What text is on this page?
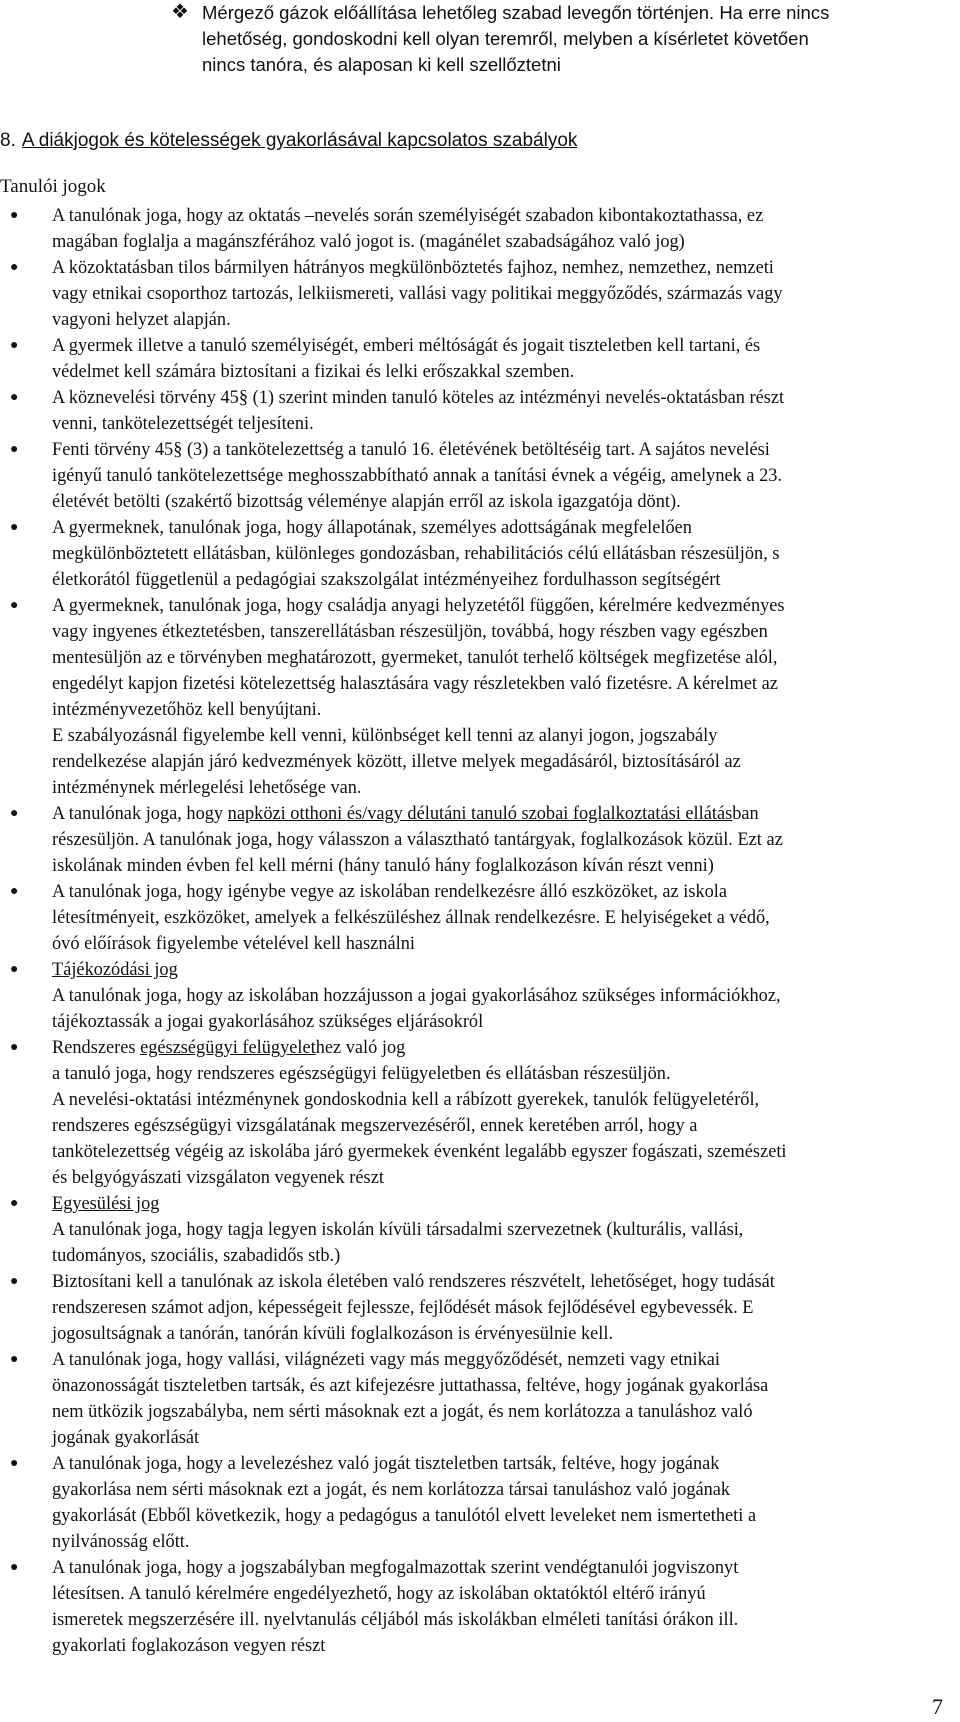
❖ Mérgező gázok előállítása lehetőleg szabad levegőn történjen. Ha erre nincs
lehetőség, gondoskodni kell olyan teremről, melyben a kísérletet követően
nincs tanóra, és alaposan ki kell szellőztetni
8. A diákjogok és kötelességek gyakorlásával kapcsolatos szabályok
Tanulói jogok
●	A tanulónak joga, hogy az oktatás –nevelés során személyiségét szabadon kibontakoztathassa, ez
magában foglalja a magánszférához való jogot is. (magánélet szabadságához való jog)
●	A közoktatásban tilos bármilyen hátrányos megkülönböztetés fajhoz, nemhez, nemzethez, nemzeti
vagy etnikai csoporthoz tartozás, lelkiismereti, vallási vagy politikai meggyőződés, származás vagy
vagyoni helyzet alapján.
●	A gyermek illetve a tanuló személyiségét, emberi méltóságát és jogait tiszteletben kell tartani, és
védelmet kell számára biztosítani a fizikai és lelki erőszakkal szemben.
●	A köznevelési törvény 45§ (1) szerint minden tanuló köteles az intézményi nevelés-oktatásban részt
venni, tankötelezettségét teljesíteni.
●	Fenti törvény 45§ (3) a tankötelezettség a tanuló 16. életévének betöltéséig tart. A sajátos nevelési
igényű tanuló tankötelezettsége meghosszabbítható annak a tanítási évnek a végéig, amelynek a 23.
életévét betölti (szakértő bizottság véleménye alapján erről az iskola igazgatója dönt).
●	A gyermeknek, tanulónak joga, hogy állapotának, személyes adottságának megfelelően
megkülönböztetett ellátásban, különleges gondozásban, rehabilitációs célú ellátásban részesüljön, s
életkorától függetlenül a pedagógiai szakszolgálat intézményeihez fordulhasson segítségért
●	A gyermeknek, tanulónak joga, hogy családja anyagi helyzetétől függően, kérelmére kedvezményes
vagy ingyenes étkeztetésben, tanszerellátásban részesüljön, továbbá, hogy részben vagy egészben
mentesüljön az e törvényben meghatározott, gyermeket, tanulót terhelő költségek megfizetése alól,
engedélyt kapjon fizetési kötelezettség halasztására vagy részletekben való fizetésre. A kérelmet az
intézményvezetőhöz kell benyújtani.
E szabályozásnál figyelembe kell venni, különbséget kell tenni az alanyi jogon, jogszabály
rendelkezése alapján járó kedvezmények között, illetve melyek megadásáról, biztosításáról az
intézménynek mérlegelési lehetősége van.
●	A tanulónak joga, hogy napközi otthoni és/vagy délutáni tanuló szobai foglalkoztatási ellátásban
részesüljön. A tanulónak joga, hogy válasszon a választható tantárgyak, foglalkozások közül. Ezt az
iskolának minden évben fel kell mérni (hány tanuló hány foglalkozáson kíván részt venni)
●	A tanulónak joga, hogy igénybe vegye az iskolában rendelkezésre álló eszközöket, az iskola
létesítményeit, eszközöket, amelyek a felkészüléshez állnak rendelkezésre. E helyiségeket a védő,
óvó előírások figyelembe vételével kell használni
●	Tájékozódási jog
A tanulónak joga, hogy az iskolában hozzájusson a jogai gyakorlásához szükséges információkhoz,
tájékoztassák a jogai gyakorlásához szükséges eljárásokról
●	Rendszeres egészségügyi felügyelethez való jog
a tanuló joga, hogy rendszeres egészségügyi felügyeletben és ellátásban részesüljön.
A nevelési-oktatási intézménynek gondoskodnia kell a rábízott gyerekek, tanulók felügyeletéről,
rendszeres egészségügyi vizsgálatának megszervezéséről, ennek keretében arról, hogy a
tankötelezettség végéig az iskolába járó gyermekek évenként legalább egyszer fogászati, szemészeti
és belgyógyászati vizsgálaton vegyenek részt
●	Egyesülési jog
A tanulónak joga, hogy tagja legyen iskolán kívüli társadalmi szervezetnek (kulturális, vallási,
tudományos, szociális, szabadidős stb.)
●	Biztosítani kell a tanulónak az iskola életében való rendszeres részvételt, lehetőséget, hogy tudását
rendszeresen számot adjon, képességeit fejlessze, fejlődését mások fejlődésével egybevessék. E
jogosultságnak a tanórán, tanórán kívüli foglalkozáson is érvényesülnie kell.
●	A tanulónak joga, hogy vallási, világnézeti vagy más meggyőződését, nemzeti vagy etnikai
önazonosságát tiszteletben tartsák, és azt kifejezésre juttathassa, feltéve, hogy jogának gyakorlása
nem ütközik jogszabályba, nem sérti másoknak ezt a jogát, és nem korlátozza a tanuláshoz való
jogának gyakorlását
●	A tanulónak joga, hogy a levelezéshez való jogát tiszteletben tartsák, feltéve, hogy jogának
gyakorlása nem sérti másoknak ezt a jogát, és nem korlátozza társai tanuláshoz való jogának
gyakorlását (Ebből következik, hogy a pedagógus a tanulótól elvett leveleket nem ismertetheti a
nyilvánosság előtt.
●	A tanulónak joga, hogy a jogszabályban megfogalmazottak szerint vendégtanulói jogviszonyt
létesítsen. A tanuló kérelmére engedélyezhető, hogy az iskolában oktatóktól eltérő irányú
ismeretek megszerzésére ill. nyelvtanulás céljából más iskolákban elméleti tanítási órákon ill.
gyakorlati foglakozáson vegyen részt
7
